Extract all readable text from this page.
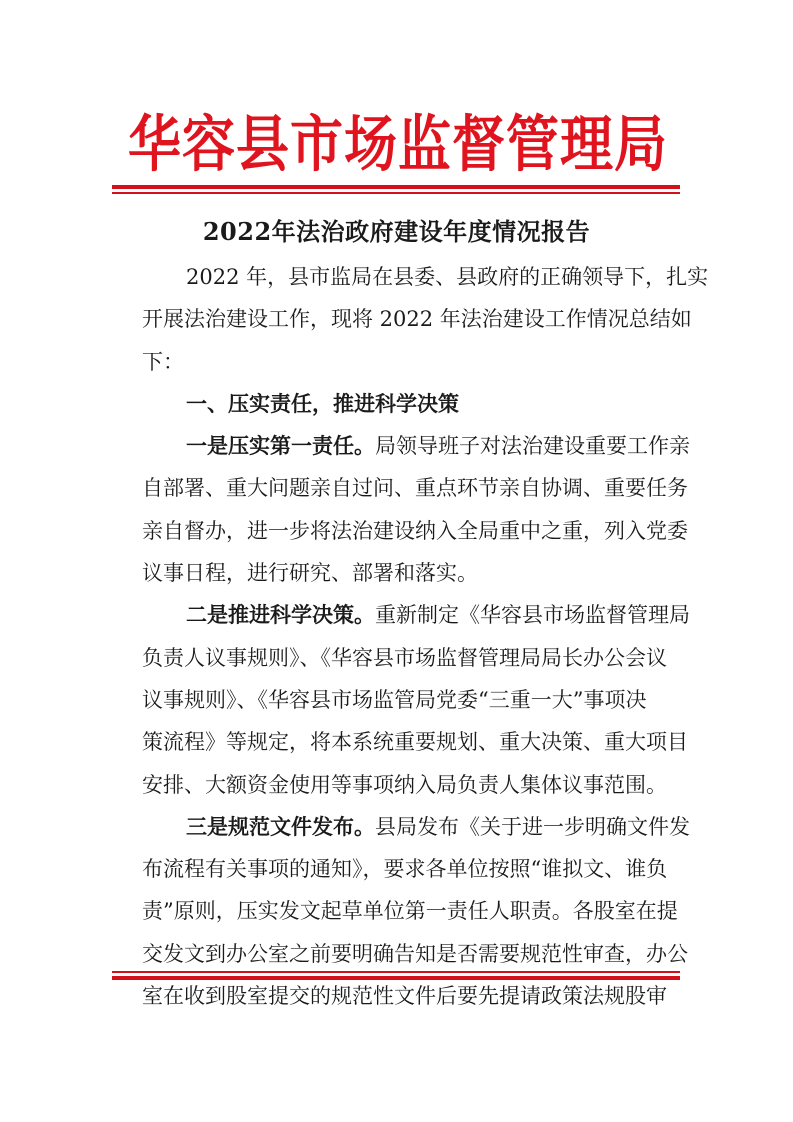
华容县市场监督管理局
2022年法治政府建设年度情况报告
2022 年，县市监局在县委、县政府的正确领导下，扎实
开展法治建设工作，现将 2022 年法治建设工作情况总结如
下：
一、压实责任，推进科学决策
一是压实第一责任。局领导班子对法治建设重要工作亲
自部署、重大问题亲自过问、重点环节亲自协调、重要任务
亲自督办，进一步将法治建设纳入全局重中之重，列入党委
议事日程，进行研究、部署和落实。
二是推进科学决策。重新制定《华容县市场监督管理局
负责人议事规则》、《华容县市场监督管理局局长办公会议
议事规则》、《华容县市场监管局党委“三重一大”事项决
策流程》等规定，将本系统重要规划、重大决策、重大项目
安排、大额资金使用等事项纳入局负责人集体议事范围。
三是规范文件发布。县局发布《关于进一步明确文件发
布流程有关事项的通知》，要求各单位按照“谁拟文、谁负
责”原则，压实发文起草单位第一责任人职责。各股室在提
交发文到办公室之前要明确告知是否需要规范性审查，办公
室在收到股室提交的规范性文件后要先提请政策法规股审
